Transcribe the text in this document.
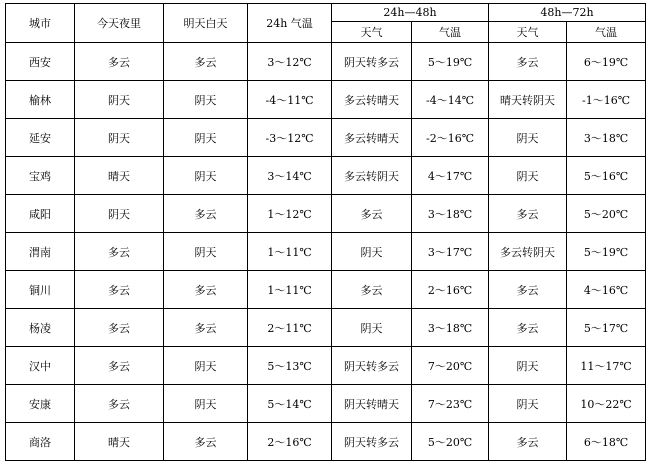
城市	今天夜里	明天白天	24h 气温	24h—48h		48h—72h	
				天气	气温	天气	气温
西安	多云	多云	3～12℃	阴天转多云	5～19℃	多云	6～19℃
榆林	阴天	阴天	-4～11℃	多云转晴天	-4～14℃	晴天转阴天	-1～16℃
延安	阴天	阴天	-3～12℃	多云转晴天	-2～16℃	阴天	3～18℃
宝鸡	晴天	阴天	3～14℃	多云转阴天	4～17℃	阴天	5～16℃
咸阳	阴天	多云	1～12℃	多云	3～18℃	多云	5～20℃
渭南	多云	阴天	1～11℃	阴天	3～17℃	多云转阴天	5～19℃
铜川	多云	多云	1～11℃	多云	2～16℃	多云	4～16℃
杨凌	多云	多云	2～11℃	阴天	3～18℃	多云	5～17℃
汉中	多云	阴天	5～13℃	阴天转多云	7～20℃	阴天	11～17℃
安康	多云	阴天	5～14℃	阴天转晴天	7～23℃	阴天	10～22℃
商洛	晴天	多云	2～16℃	阴天转多云	5～20℃	多云	6～18℃
